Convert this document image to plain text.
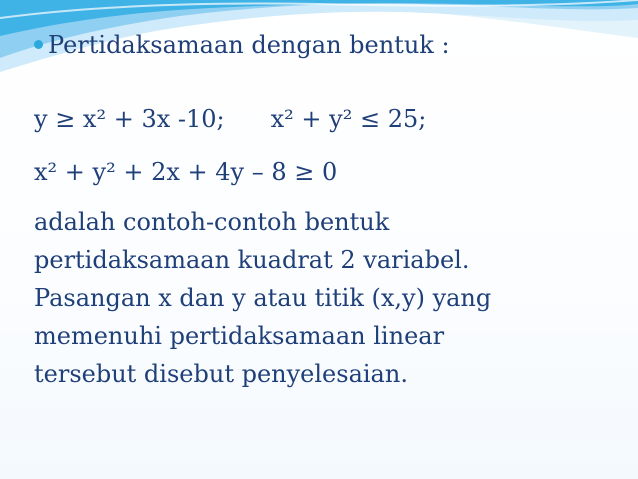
Pertidaksamaan dengan bentuk :
y ≥ x² + 3x -10; x² + y² ≤ 25;
x² + y² + 2x + 4y – 8 ≥ 0
adalah contoh-contoh bentuk
pertidaksamaan kuadrat 2 variabel.
Pasangan x dan y atau titik (x,y) yang
memenuhi pertidaksamaan linear
tersebut disebut penyelesaian.
